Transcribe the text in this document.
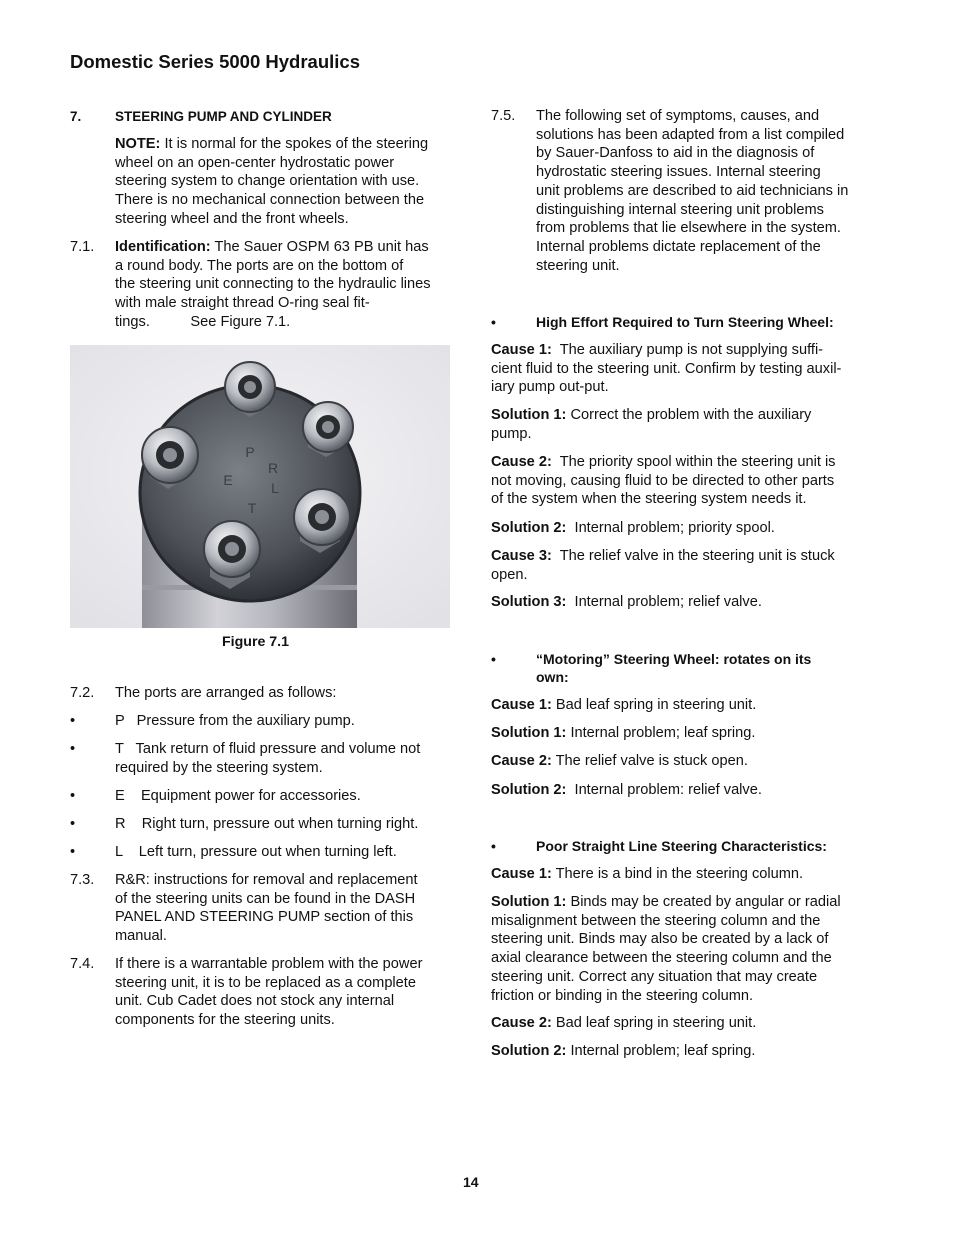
Domestic Series 5000 Hydraulics
7. STEERING PUMP AND CYLINDER
NOTE: It is normal for the spokes of the steering
wheel on an open-center hydrostatic power
steering system to change orientation with use.
There is no mechanical connection between the
steering wheel and the front wheels.
7.1. Identification: The Sauer OSPM 63 PB unit has
a round body. The ports are on the bottom of
the steering unit connecting to the hydraulic lines
with male straight thread O-ring seal fit-
tings.          See Figure 7.1.
P
R
L
E
T
Figure 7.1
7.2. The ports are arranged as follows:
•	P   Pressure from the auxiliary pump.
•	T   Tank return of fluid pressure and volume not
required by the steering system.
•	E    Equipment power for accessories.
•	R    Right turn, pressure out when turning right.
•	L    Left turn, pressure out when turning left.
7.3. R&R: instructions for removal and replacement
of the steering units can be found in the DASH
PANEL AND STEERING PUMP section of this
manual.
7.4. If there is a warrantable problem with the power
steering unit, it is to be replaced as a complete
unit. Cub Cadet does not stock any internal
components for the steering units.
7.5. The following set of symptoms, causes, and
solutions has been adapted from a list compiled
by Sauer-Danfoss to aid in the diagnosis of
hydrostatic steering issues. Internal steering
unit problems are described to aid technicians in
distinguishing internal steering unit problems
from problems that lie elsewhere in the system.
Internal problems dictate replacement of the
steering unit.
•	High Effort Required to Turn Steering Wheel:
Cause 1:  The auxiliary pump is not supplying suffi-
cient fluid to the steering unit. Confirm by testing auxil-
iary pump out-put.
Solution 1: Correct the problem with the auxiliary
pump.
Cause 2:  The priority spool within the steering unit is
not moving, causing fluid to be directed to other parts
of the system when the steering system needs it.
Solution 2:  Internal problem; priority spool.
Cause 3:  The relief valve in the steering unit is stuck
open.
Solution 3:  Internal problem; relief valve.
•	“Motoring” Steering Wheel: rotates on its
own:
Cause 1: Bad leaf spring in steering unit.
Solution 1: Internal problem; leaf spring.
Cause 2: The relief valve is stuck open.
Solution 2:  Internal problem: relief valve.
•	Poor Straight Line Steering Characteristics:
Cause 1: There is a bind in the steering column.
Solution 1: Binds may be created by angular or radial
misalignment between the steering column and the
steering unit. Binds may also be created by a lack of
axial clearance between the steering column and the
steering unit. Correct any situation that may create
friction or binding in the steering column.
Cause 2: Bad leaf spring in steering unit.
Solution 2: Internal problem; leaf spring.
14
